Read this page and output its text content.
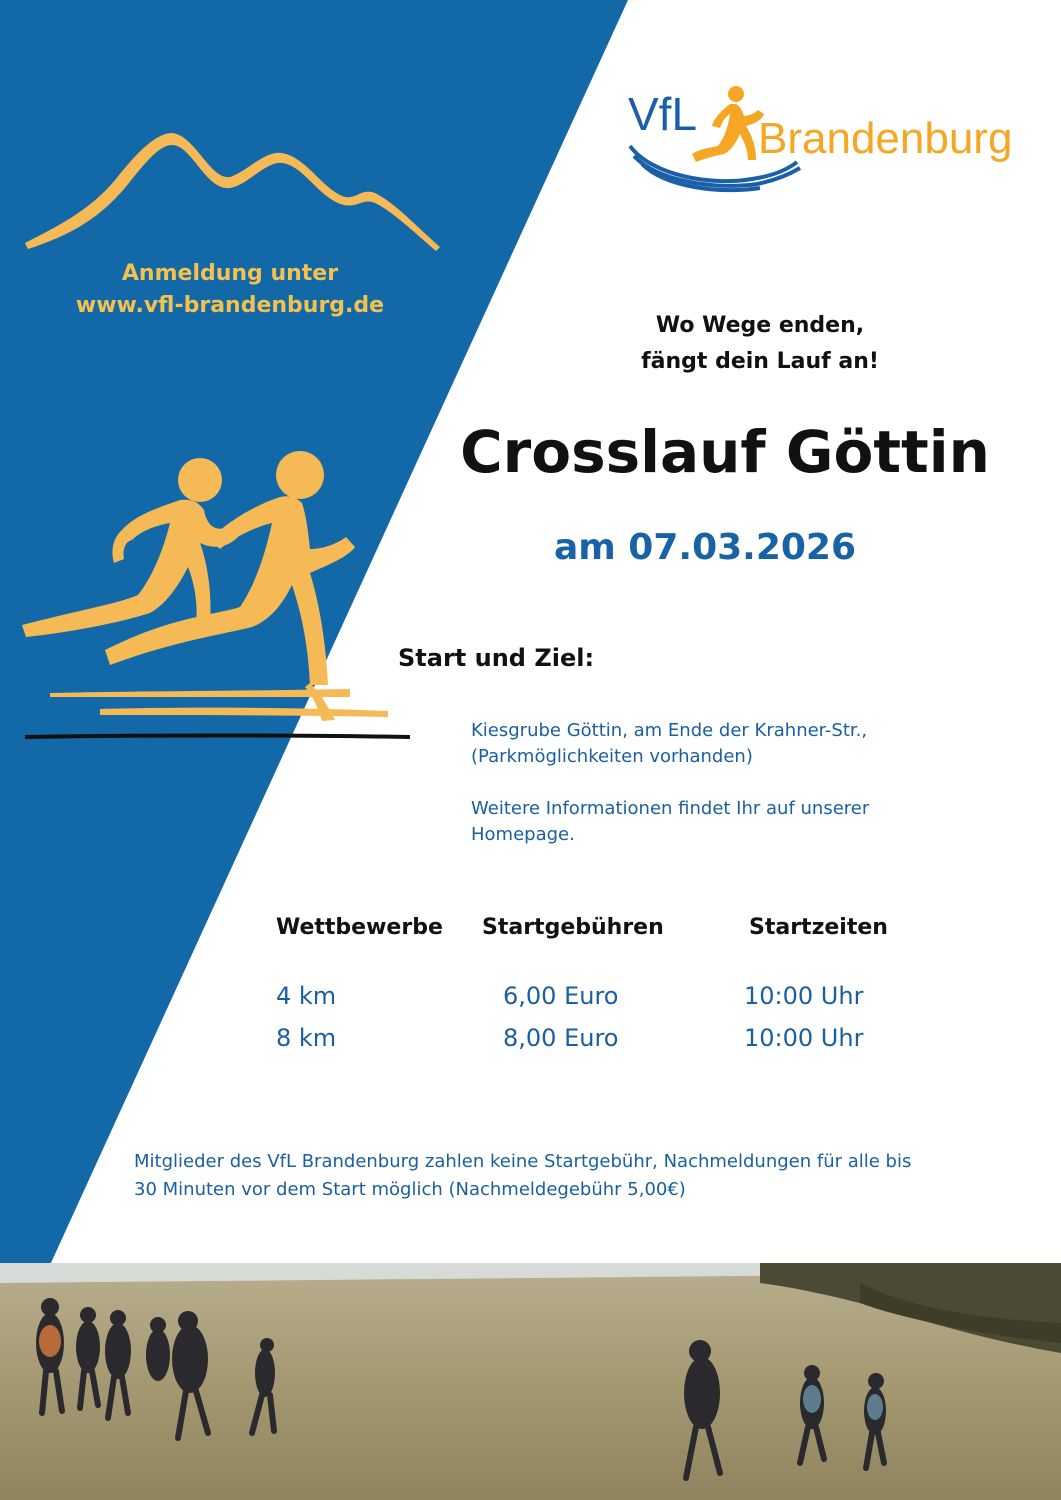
Anmeldung unter
www.vfl-brandenburg.de
VfL Brandenburg
Wo Wege enden,
fängt dein Lauf an!
Crosslauf Göttin
am 07.03.2026
Start und Ziel:
Kiesgrube Göttin, am Ende der Krahner-Str.,
(Parkmöglichkeiten vorhanden)
Weitere Informationen findet Ihr auf unserer
Homepage.
Wettbewerbe Startgebühren	Startzeiten
4 km	6,00 Euro	10:00 Uhr
8 km	8,00 Euro	10:00 Uhr
Mitglieder des VfL Brandenburg zahlen keine Startgebühr, Nachmeldungen für alle bis
30 Minuten vor dem Start möglich (Nachmeldegebühr 5,00€)
